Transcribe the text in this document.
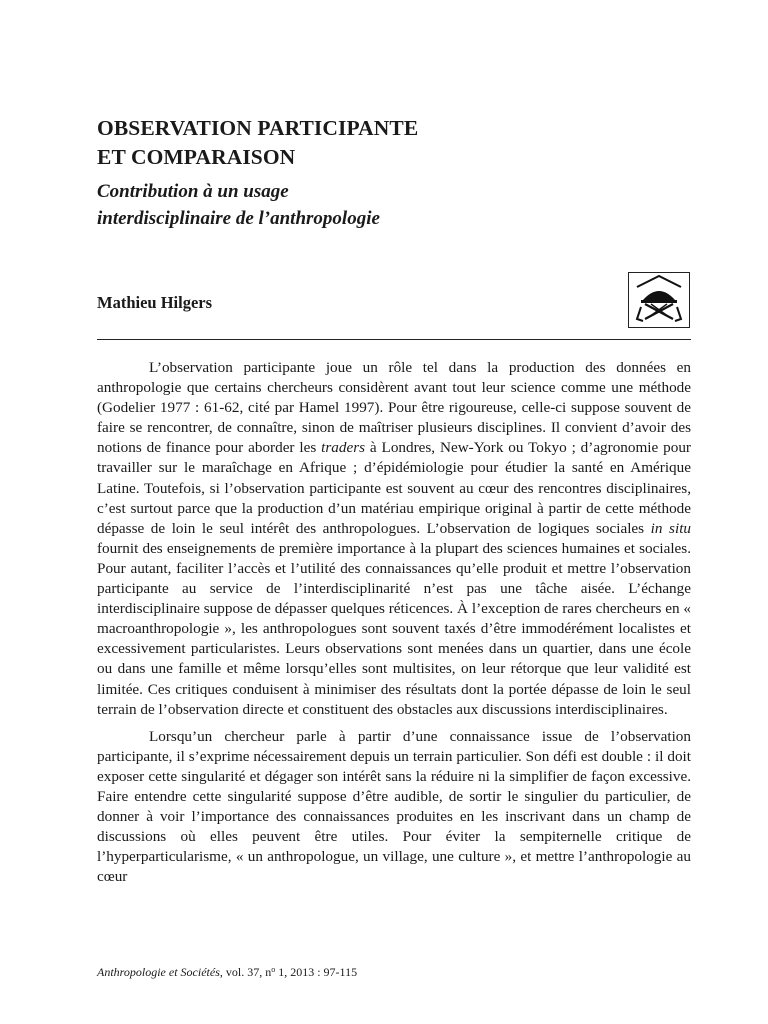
OBSERVATION PARTICIPANTE
ET COMPARAISON
Contribution à un usage
interdisciplinaire de l’anthropologie
Mathieu Hilgers

L’observation participante joue un rôle tel dans la production des données en anthropologie que certains chercheurs considèrent avant tout leur science comme une méthode (Godelier 1977 : 61-62, cité par Hamel 1997). Pour être rigoureuse, celle-ci suppose souvent de faire se rencontrer, de connaître, sinon de maîtriser plusieurs disciplines. Il convient d’avoir des notions de finance pour aborder les traders à Londres, New-York ou Tokyo ; d’agronomie pour travailler sur le maraîchage en Afrique ; d’épidémiologie pour étudier la santé en Amérique Latine. Toutefois, si l’observation participante est souvent au cœur des rencontres disciplinaires, c’est surtout parce que la production d’un matériau empirique original à partir de cette méthode dépasse de loin le seul intérêt des anthropologues. L’observation de logiques sociales in situ fournit des enseignements de première importance à la plupart des sciences humaines et sociales. Pour autant, faciliter l’accès et l’utilité des connaissances qu’elle produit et mettre l’observation participante au service de l’interdisciplinarité n’est pas une tâche aisée. L’échange interdisciplinaire suppose de dépasser quelques réticences. À l’exception de rares chercheurs en « macroanthropologie », les anthropologues sont souvent taxés d’être immodérément localistes et excessivement particularistes. Leurs observations sont menées dans un quartier, dans une école ou dans une famille et même lorsqu’elles sont multisites, on leur rétorque que leur validité est limitée. Ces critiques conduisent à minimiser des résultats dont la portée dépasse de loin le seul terrain de l’observation directe et constituent des obstacles aux discussions interdisciplinaires.

Lorsqu’un chercheur parle à partir d’une connaissance issue de l’observation participante, il s’exprime nécessairement depuis un terrain particulier. Son défi est double : il doit exposer cette singularité et dégager son intérêt sans la réduire ni la simplifier de façon excessive. Faire entendre cette singularité suppose d’être audible, de sortir le singulier du particulier, de donner à voir l’importance des connaissances produites en les inscrivant dans un champ de discussions où elles peuvent être utiles. Pour éviter la sempiternelle critique de l’hyperparticularisme, « un anthropologue, un village, une culture », et mettre l’anthropologie au cœur

Anthropologie et Sociétés, vol. 37, $n^o$ 1, 2013 : 97-115
